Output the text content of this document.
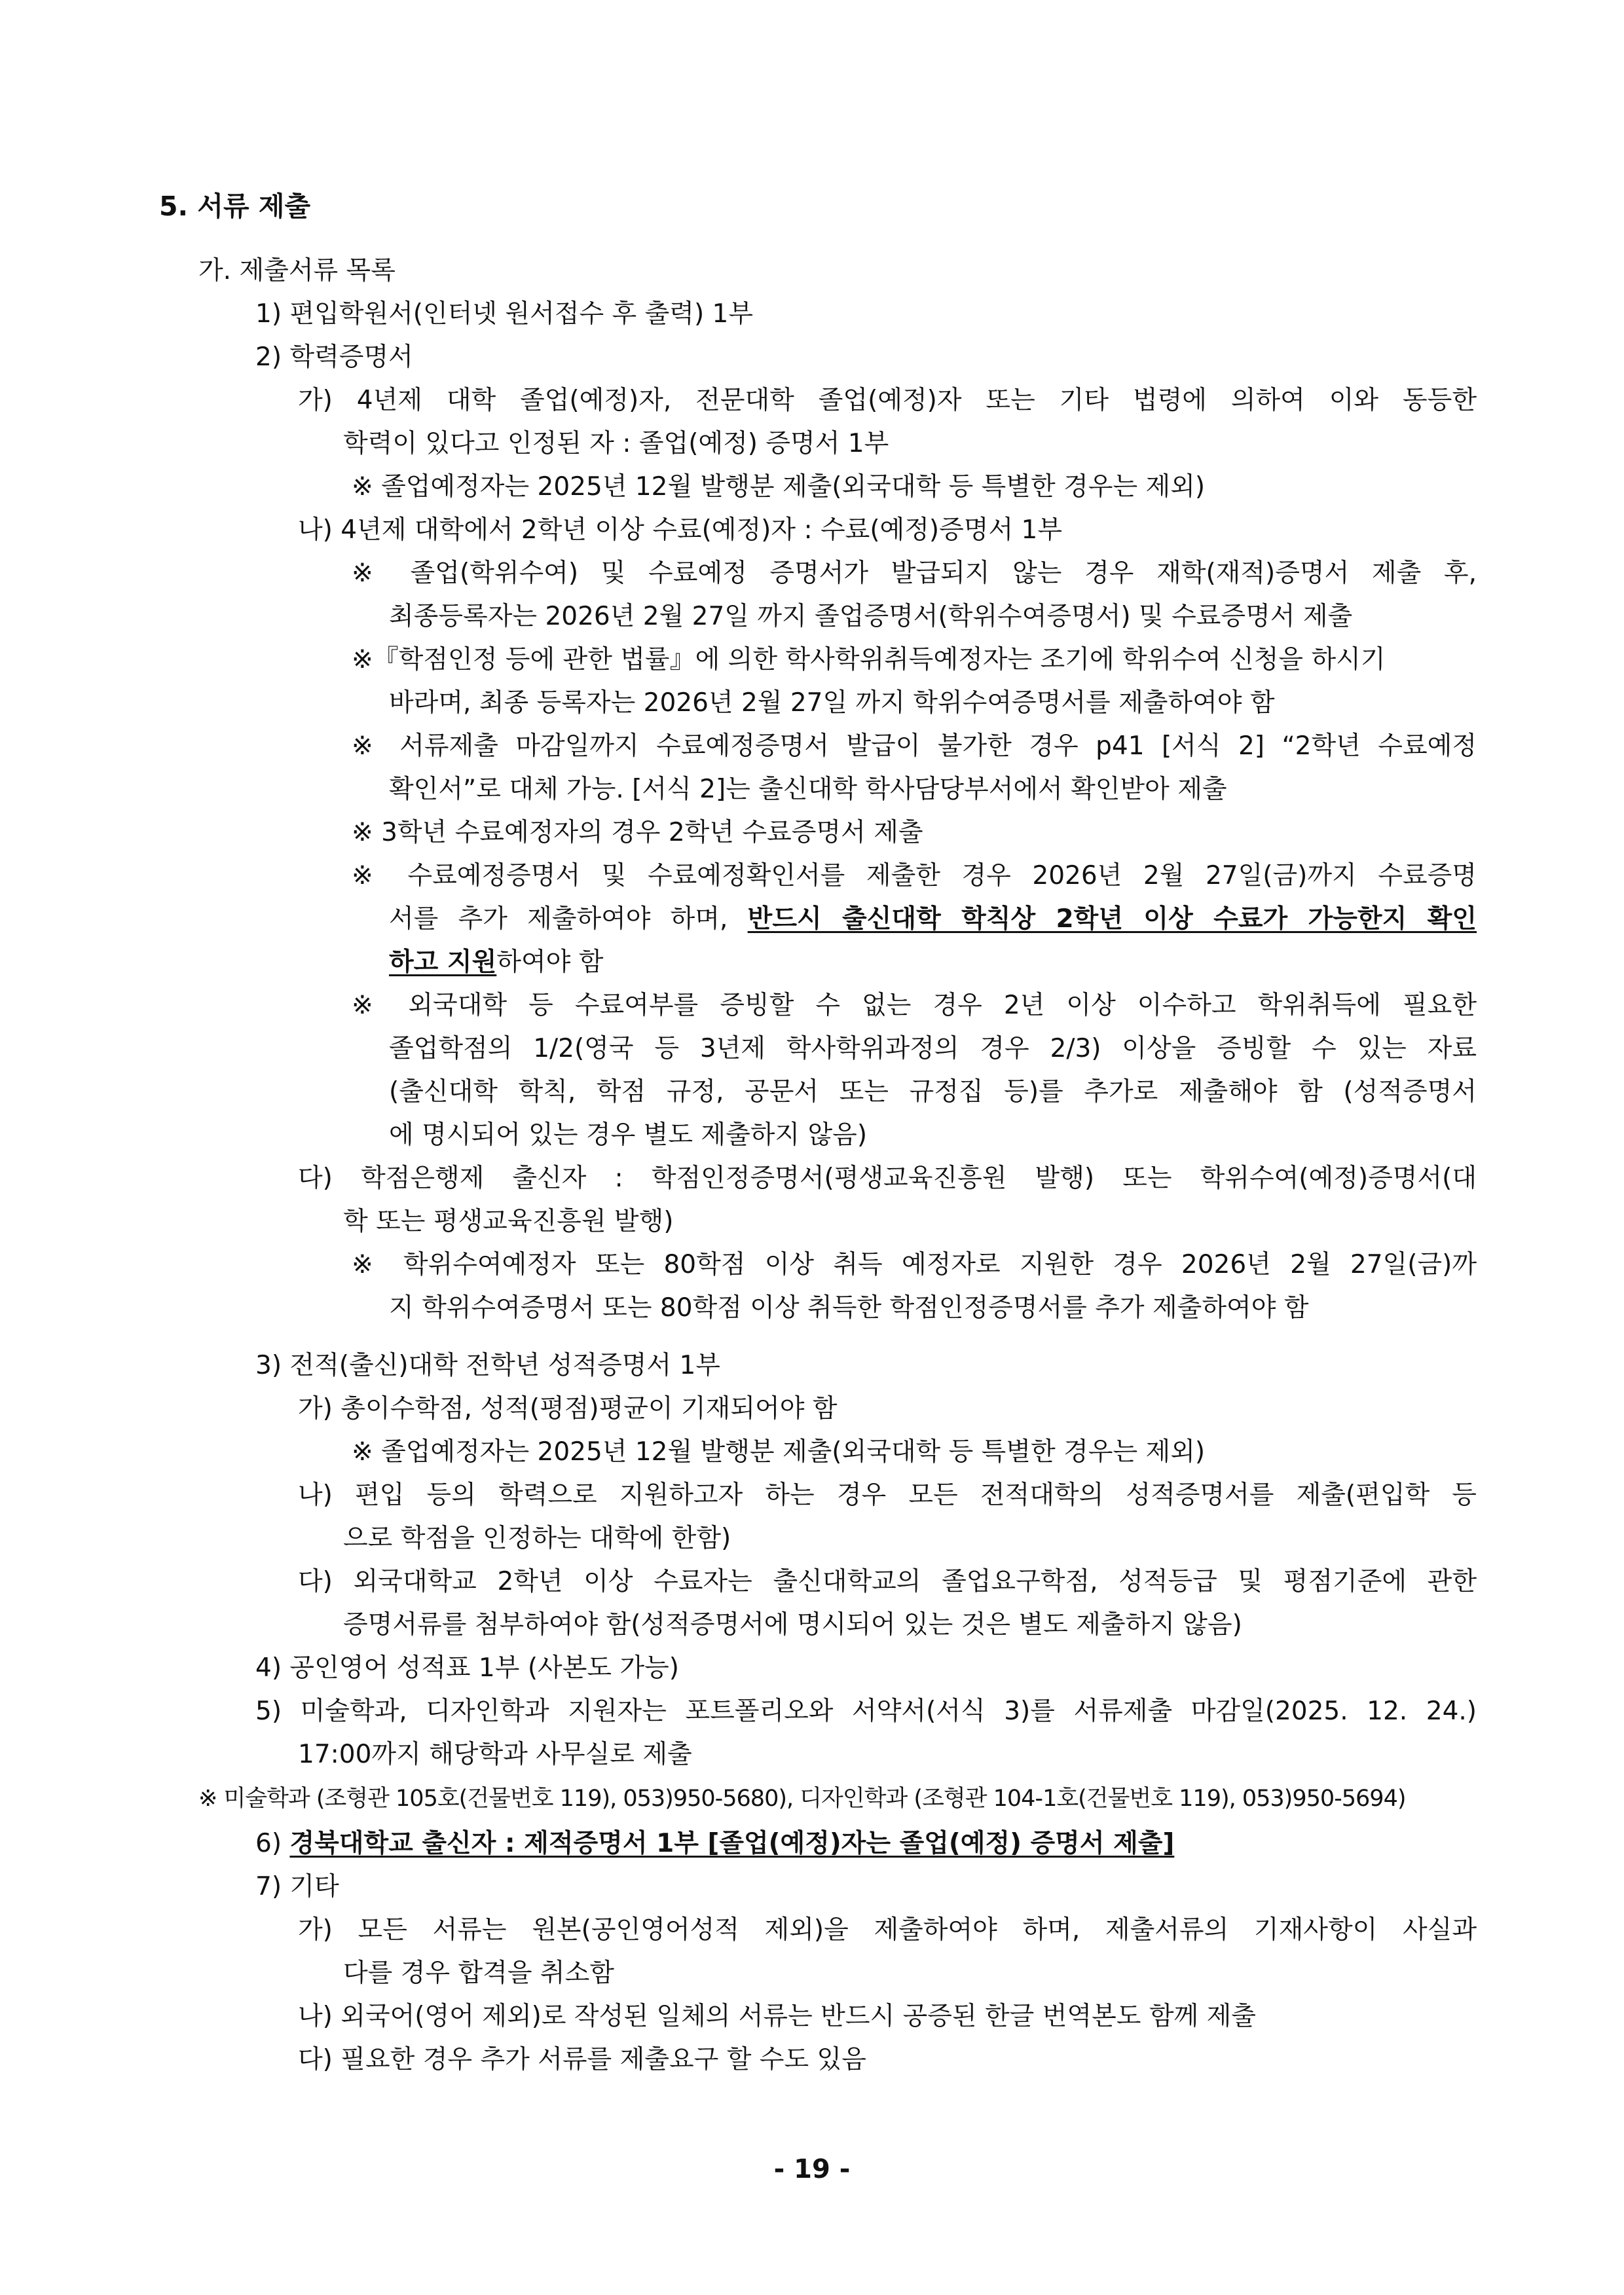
5. 서류 제출
가. 제출서류 목록
1) 편입학원서(인터넷 원서접수 후 출력) 1부
2) 학력증명서
가) 4년제 대학 졸업(예정)자, 전문대학 졸업(예정)자 또는 기타 법령에 의하여 이와 동등한
학력이 있다고 인정된 자 : 졸업(예정) 증명서 1부
※ 졸업예정자는 2025년 12월 발행분 제출(외국대학 등 특별한 경우는 제외)
나) 4년제 대학에서 2학년 이상 수료(예정)자 : 수료(예정)증명서 1부
※ 졸업(학위수여) 및 수료예정 증명서가 발급되지 않는 경우 재학(재적)증명서 제출 후,
최종등록자는 2026년 2월 27일 까지 졸업증명서(학위수여증명서) 및 수료증명서 제출
※『학점인정 등에 관한 법률』에 의한 학사학위취득예정자는 조기에 학위수여 신청을 하시기
바라며, 최종 등록자는 2026년 2월 27일 까지 학위수여증명서를 제출하여야 함
※ 서류제출 마감일까지 수료예정증명서 발급이 불가한 경우 p41 [서식 2] “2학년 수료예정
확인서”로 대체 가능. [서식 2]는 출신대학 학사담당부서에서 확인받아 제출
※ 3학년 수료예정자의 경우 2학년 수료증명서 제출
※ 수료예정증명서 및 수료예정확인서를 제출한 경우 2026년 2월 27일(금)까지 수료증명
서를 추가 제출하여야 하며, 반드시 출신대학 학칙상 2학년 이상 수료가 가능한지 확인
하고 지원하여야 함
※ 외국대학 등 수료여부를 증빙할 수 없는 경우 2년 이상 이수하고 학위취득에 필요한
졸업학점의 1/2(영국 등 3년제 학사학위과정의 경우 2/3) 이상을 증빙할 수 있는 자료
(출신대학 학칙, 학점 규정, 공문서 또는 규정집 등)를 추가로 제출해야 함 (성적증명서
에 명시되어 있는 경우 별도 제출하지 않음)
다) 학점은행제 출신자 : 학점인정증명서(평생교육진흥원 발행) 또는 학위수여(예정)증명서(대
학 또는 평생교육진흥원 발행)
※ 학위수여예정자 또는 80학점 이상 취득 예정자로 지원한 경우 2026년 2월 27일(금)까
지 학위수여증명서 또는 80학점 이상 취득한 학점인정증명서를 추가 제출하여야 함
3) 전적(출신)대학 전학년 성적증명서 1부
가) 총이수학점, 성적(평점)평균이 기재되어야 함
※ 졸업예정자는 2025년 12월 발행분 제출(외국대학 등 특별한 경우는 제외)
나) 편입 등의 학력으로 지원하고자 하는 경우 모든 전적대학의 성적증명서를 제출(편입학 등
으로 학점을 인정하는 대학에 한함)
다) 외국대학교 2학년 이상 수료자는 출신대학교의 졸업요구학점, 성적등급 및 평점기준에 관한
증명서류를 첨부하여야 함(성적증명서에 명시되어 있는 것은 별도 제출하지 않음)
4) 공인영어 성적표 1부 (사본도 가능)
5) 미술학과, 디자인학과 지원자는 포트폴리오와 서약서(서식 3)를 서류제출 마감일(2025. 12. 24.)
17:00까지 해당학과 사무실로 제출
※ 미술학과 (조형관 105호(건물번호 119), 053)950-5680), 디자인학과 (조형관 104-1호(건물번호 119), 053)950-5694)
6) 경북대학교 출신자 : 제적증명서 1부 [졸업(예정)자는 졸업(예정) 증명서 제출]
7) 기타
가) 모든 서류는 원본(공인영어성적 제외)을 제출하여야 하며, 제출서류의 기재사항이 사실과
다를 경우 합격을 취소함
나) 외국어(영어 제외)로 작성된 일체의 서류는 반드시 공증된 한글 번역본도 함께 제출
다) 필요한 경우 추가 서류를 제출요구 할 수도 있음
- 19 -
